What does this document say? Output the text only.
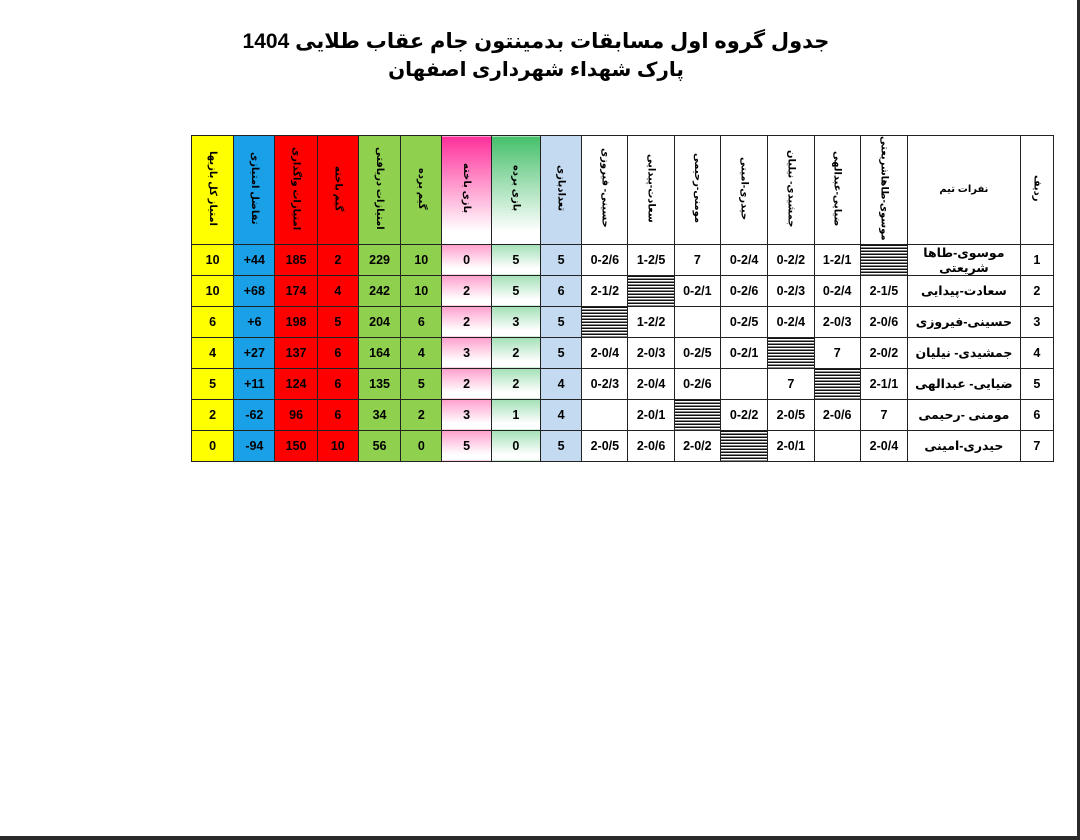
جدول گروه اول مسابقات بدمینتون جام عقاب طلایی 1404
پارک شهداء شهرداری اصفهان
امتیاز کل بازیها	تفاضل امتیازی	امتیازات واگذاری	گیم باخته	امتیازات دریافتی	گیم برده	بازی باخته	بازی برده	تعدادبازی	حسینی- فیروزی	سعادت-پیدایی	مومنی-رحیمی	حیدری-امینی	جمشیدی- نیلیان	ضیایی-عبدالهی	موسوی-طاهاشریعتی	نفرات تیم	ردیف
10	+44	185	2	229	10	0	5	5	0-2/6	1-2/5	7	0-2/4	0-2/2	1-2/1		موسوی-طاها شریعتی	1
10	+68	174	4	242	10	2	5	6	2-1/2		0-2/1	0-2/6	0-2/3	0-2/4	2-1/5	سعادت-پیدایی	2
6	+6	198	5	204	6	2	3	5		1-2/2		0-2/5	0-2/4	2-0/3	2-0/6	حسینی-فیروزی	3
4	+27	137	6	164	4	3	2	5	2-0/4	2-0/3	0-2/5	0-2/1		7	2-0/2	جمشیدی- نیلیان	4
5	+11	124	6	135	5	2	2	4	0-2/3	2-0/4	0-2/6		7		2-1/1	ضیایی- عبدالهی	5
2	-62	96	6	34	2	3	1	4		2-0/1		0-2/2	2-0/5	2-0/6	7	مومنی -رحیمی	6
0	-94	150	10	56	0	5	0	5	2-0/5	2-0/6	2-0/2		2-0/1		2-0/4	حیدری-امینی	7
